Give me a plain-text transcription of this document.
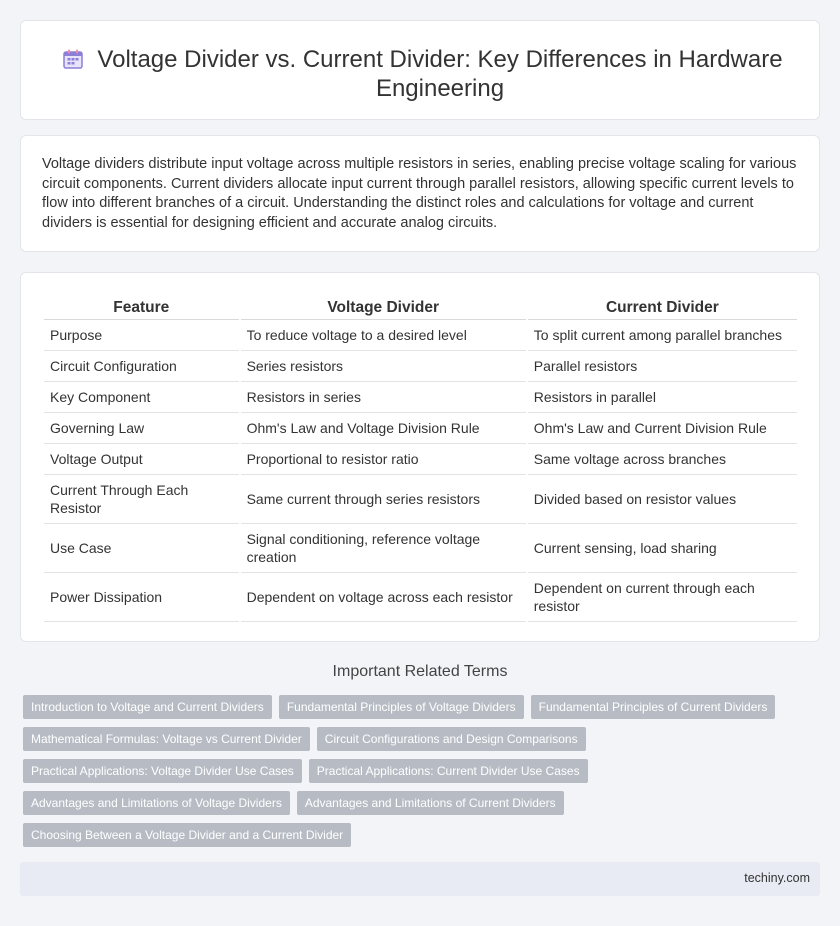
Voltage Divider vs. Current Divider: Key Differences in Hardware Engineering

Voltage dividers distribute input voltage across multiple resistors in series, enabling precise voltage scaling for various circuit components. Current dividers allocate input current through parallel resistors, allowing specific current levels to flow into different branches of a circuit. Understanding the distinct roles and calculations for voltage and current dividers is essential for designing efficient and accurate analog circuits.

Feature	Voltage Divider	Current Divider
Purpose	To reduce voltage to a desired level	To split current among parallel branches
Circuit Configuration	Series resistors	Parallel resistors
Key Component	Resistors in series	Resistors in parallel
Governing Law	Ohm's Law and Voltage Division Rule	Ohm's Law and Current Division Rule
Voltage Output	Proportional to resistor ratio	Same voltage across branches
Current Through Each Resistor	Same current through series resistors	Divided based on resistor values
Use Case	Signal conditioning, reference voltage creation	Current sensing, load sharing
Power Dissipation	Dependent on voltage across each resistor	Dependent on current through each resistor
Important Related Terms
Introduction to Voltage and Current Dividers	Fundamental Principles of Voltage Dividers	Fundamental Principles of Current Dividers
Mathematical Formulas: Voltage vs Current Divider	Circuit Configurations and Design Comparisons
Practical Applications: Voltage Divider Use Cases	Practical Applications: Current Divider Use Cases
Advantages and Limitations of Voltage Dividers	Advantages and Limitations of Current Dividers
Choosing Between a Voltage Divider and a Current Divider
techiny.com
